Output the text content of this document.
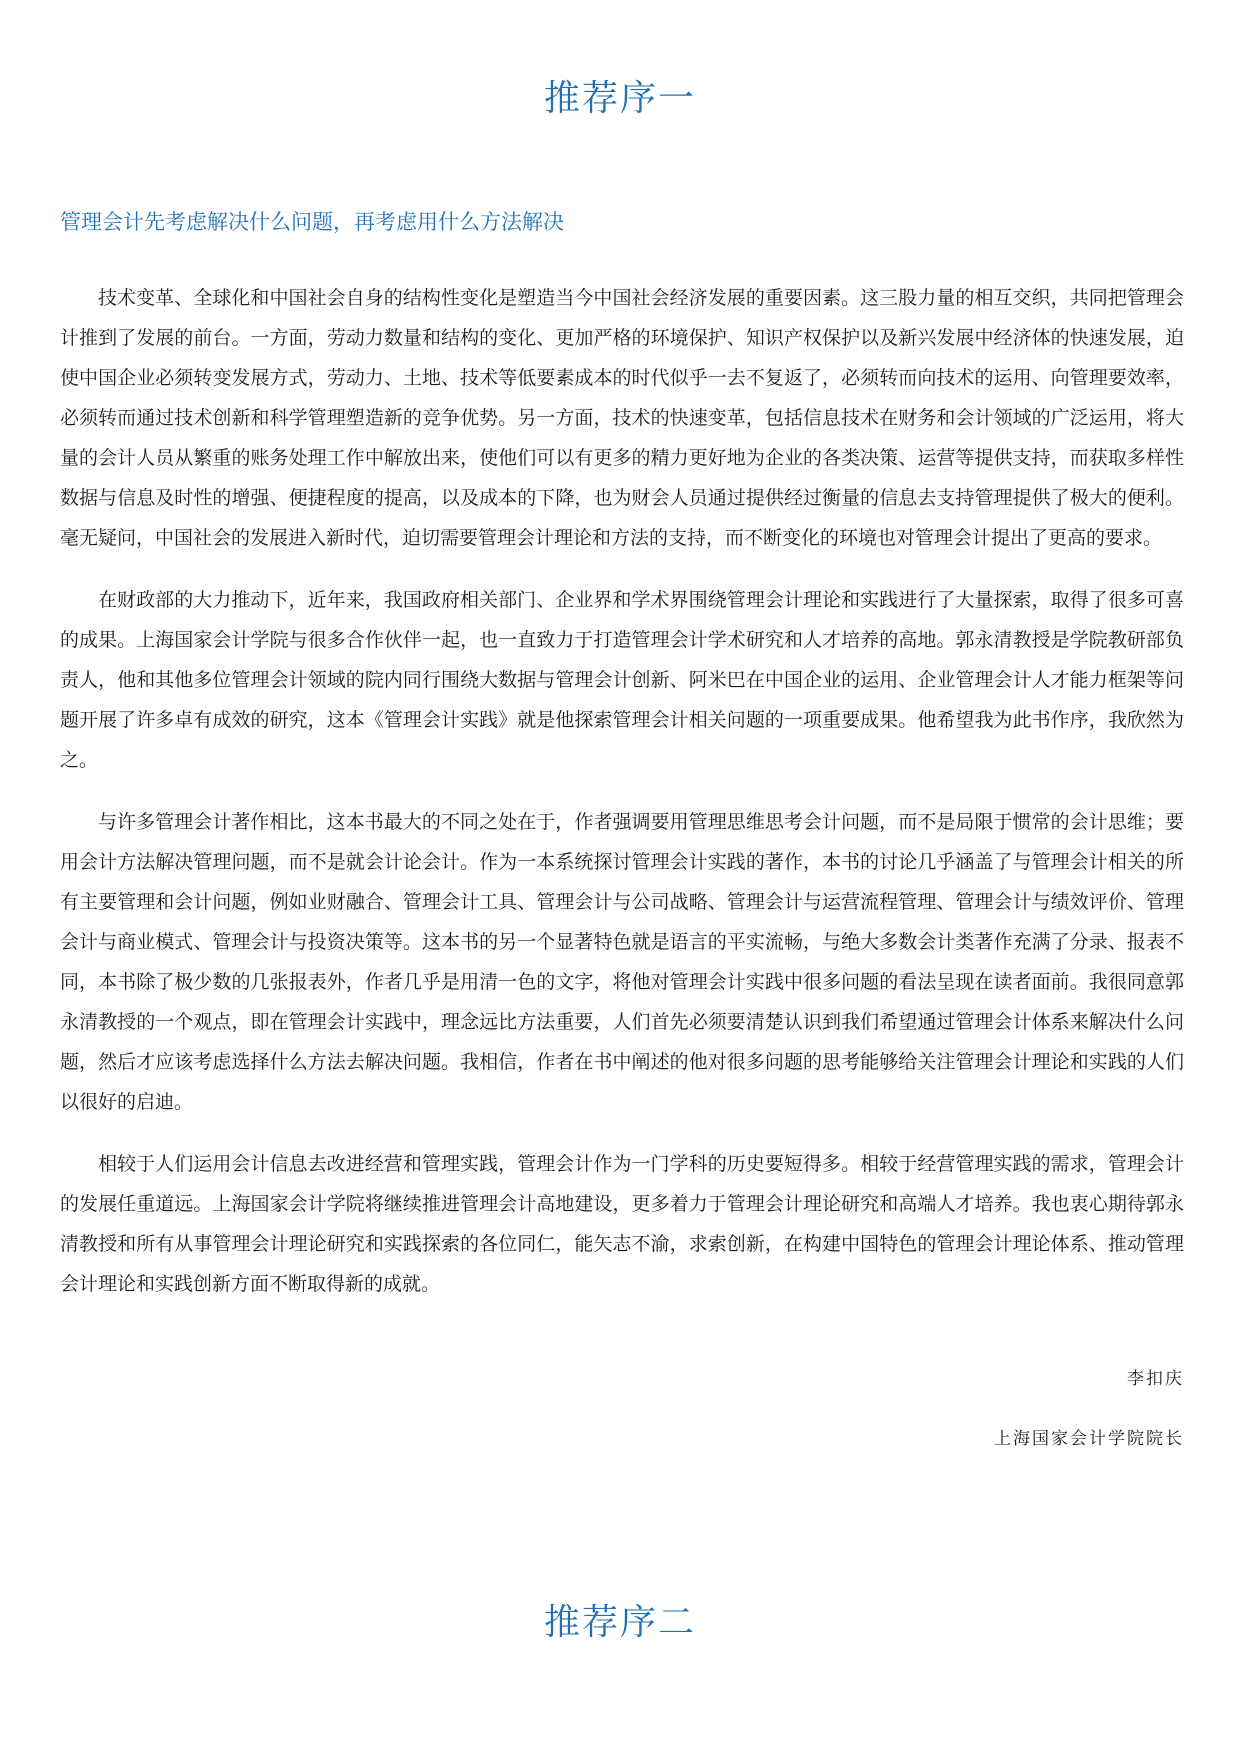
推荐序一
管理会计先考虑解决什么问题，再考虑用什么方法解决

技术变革、全球化和中国社会自身的结构性变化是塑造当今中国社会经济发展的重要因素。这三股力量的相互交织，共同把管理会计推到了发展的前台。一方面，劳动力数量和结构的变化、更加严格的环境保护、知识产权保护以及新兴发展中经济体的快速发展，迫使中国企业必须转变发展方式，劳动力、土地、技术等低要素成本的时代似乎一去不复返了，必须转而向技术的运用、向管理要效率，必须转而通过技术创新和科学管理塑造新的竞争优势。另一方面，技术的快速变革，包括信息技术在财务和会计领域的广泛运用，将大量的会计人员从繁重的账务处理工作中解放出来，使他们可以有更多的精力更好地为企业的各类决策、运营等提供支持，而获取多样性数据与信息及时性的增强、便捷程度的提高，以及成本的下降，也为财会人员通过提供经过衡量的信息去支持管理提供了极大的便利。毫无疑问，中国社会的发展进入新时代，迫切需要管理会计理论和方法的支持，而不断变化的环境也对管理会计提出了更高的要求。

在财政部的大力推动下，近年来，我国政府相关部门、企业界和学术界围绕管理会计理论和实践进行了大量探索，取得了很多可喜的成果。上海国家会计学院与很多合作伙伴一起，也一直致力于打造管理会计学术研究和人才培养的高地。郭永清教授是学院教研部负责人，他和其他多位管理会计领域的院内同行围绕大数据与管理会计创新、阿米巴在中国企业的运用、企业管理会计人才能力框架等问题开展了许多卓有成效的研究，这本《管理会计实践》就是他探索管理会计相关问题的一项重要成果。他希望我为此书作序，我欣然为之。

与许多管理会计著作相比，这本书最大的不同之处在于，作者强调要用管理思维思考会计问题，而不是局限于惯常的会计思维；要用会计方法解决管理问题，而不是就会计论会计。作为一本系统探讨管理会计实践的著作，本书的讨论几乎涵盖了与管理会计相关的所有主要管理和会计问题，例如业财融合、管理会计工具、管理会计与公司战略、管理会计与运营流程管理、管理会计与绩效评价、管理会计与商业模式、管理会计与投资决策等。这本书的另一个显著特色就是语言的平实流畅，与绝大多数会计类著作充满了分录、报表不同，本书除了极少数的几张报表外，作者几乎是用清一色的文字，将他对管理会计实践中很多问题的看法呈现在读者面前。我很同意郭永清教授的一个观点，即在管理会计实践中，理念远比方法重要，人们首先必须要清楚认识到我们希望通过管理会计体系来解决什么问题，然后才应该考虑选择什么方法去解决问题。我相信，作者在书中阐述的他对很多问题的思考能够给关注管理会计理论和实践的人们以很好的启迪。

相较于人们运用会计信息去改进经营和管理实践，管理会计作为一门学科的历史要短得多。相较于经营管理实践的需求，管理会计的发展任重道远。上海国家会计学院将继续推进管理会计高地建设，更多着力于管理会计理论研究和高端人才培养。我也衷心期待郭永清教授和所有从事管理会计理论研究和实践探索的各位同仁，能矢志不渝，求索创新，在构建中国特色的管理会计理论体系、推动管理会计理论和实践创新方面不断取得新的成就。

李扣庆

上海国家会计学院院长

推荐序二
